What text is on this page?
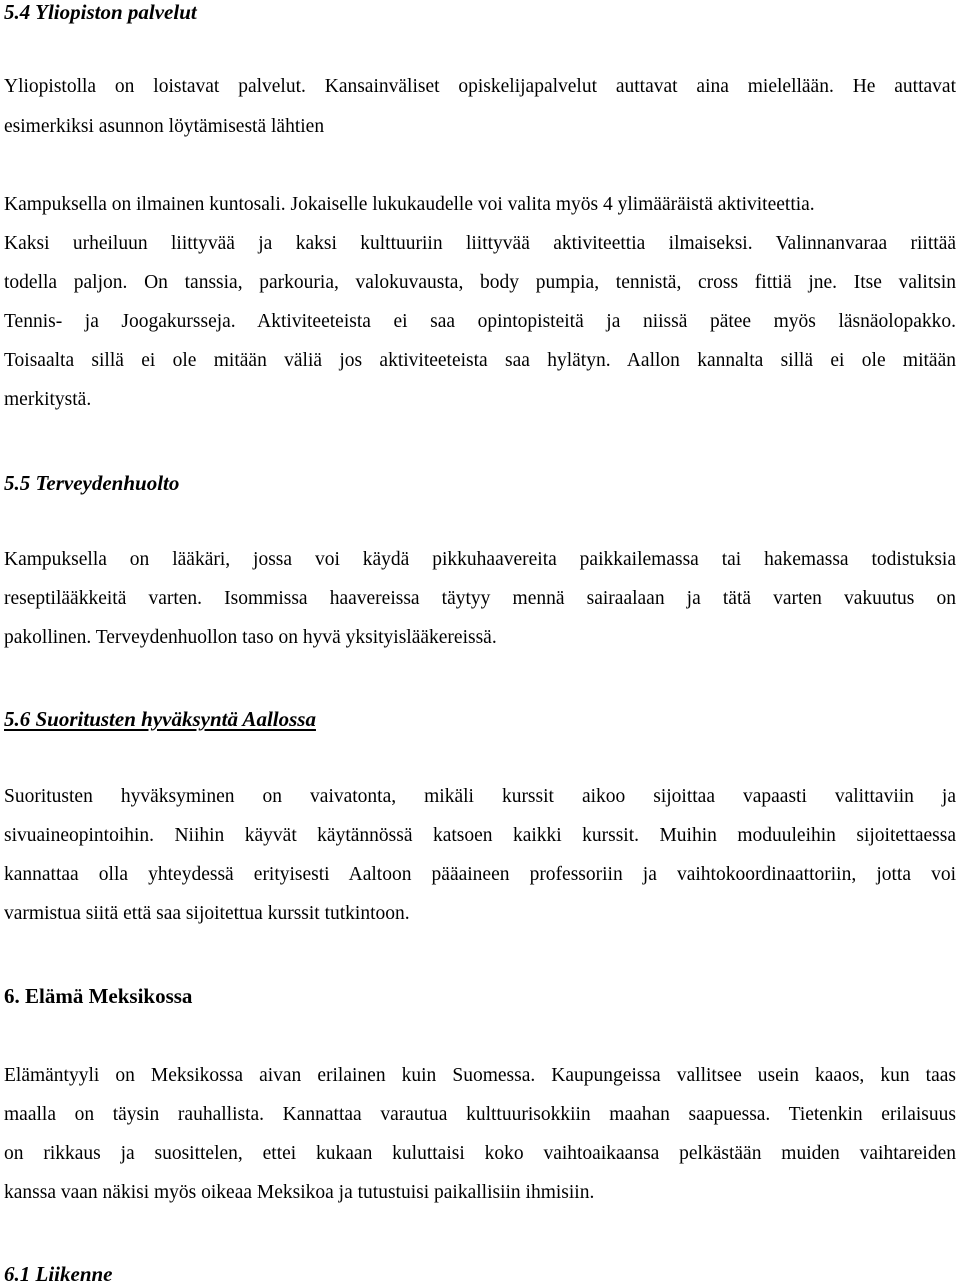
5.4 Yliopiston palvelut

Yliopistolla on loistavat palvelut. Kansainväliset opiskelijapalvelut auttavat aina mielellään. He auttavat

esimerkiksi asunnon löytämisestä lähtien

Kampuksella on ilmainen kuntosali. Jokaiselle lukukaudelle voi valita myös 4 ylimääräistä aktiviteettia.

Kaksi urheiluun liittyvää ja kaksi kulttuuriin liittyvää aktiviteettia ilmaiseksi. Valinnanvaraa riittää

todella paljon. On tanssia, parkouria, valokuvausta, body pumpia, tennistä, cross fittiä jne. Itse valitsin

Tennis- ja Joogakursseja. Aktiviteeteista ei saa opintopisteitä ja niissä pätee myös läsnäolopakko.

Toisaalta sillä ei ole mitään väliä jos aktiviteeteista saa hylätyn. Aallon kannalta sillä ei ole mitään

merkitystä.

5.5 Terveydenhuolto

Kampuksella on lääkäri, jossa voi käydä pikkuhaavereita paikkailemassa tai hakemassa todistuksia

reseptilääkkeitä varten. Isommissa haavereissa täytyy mennä sairaalaan ja tätä varten vakuutus on

pakollinen. Terveydenhuollon taso on hyvä yksityislääkereissä.

5.6 Suoritusten hyväksyntä Aallossa

Suoritusten hyväksyminen on vaivatonta, mikäli kurssit aikoo sijoittaa vapaasti valittaviin ja

sivuaineopintoihin. Niihin käyvät käytännössä katsoen kaikki kurssit. Muihin moduuleihin sijoitettaessa

kannattaa olla yhteydessä erityisesti Aaltoon pääaineen professoriin ja vaihtokoordinaattoriin, jotta voi

varmistua siitä että saa sijoitettua kurssit tutkintoon.

6. Elämä Meksikossa

Elämäntyyli on Meksikossa aivan erilainen kuin Suomessa. Kaupungeissa vallitsee usein kaaos, kun taas

maalla on täysin rauhallista. Kannattaa varautua kulttuurisokkiin maahan saapuessa. Tietenkin erilaisuus

on rikkaus ja suosittelen, ettei kukaan kuluttaisi koko vaihtoaikaansa pelkästään muiden vaihtareiden

kanssa vaan näkisi myös oikeaa Meksikoa ja tutustuisi paikallisiin ihmisiin.

6.1 Liikenne
